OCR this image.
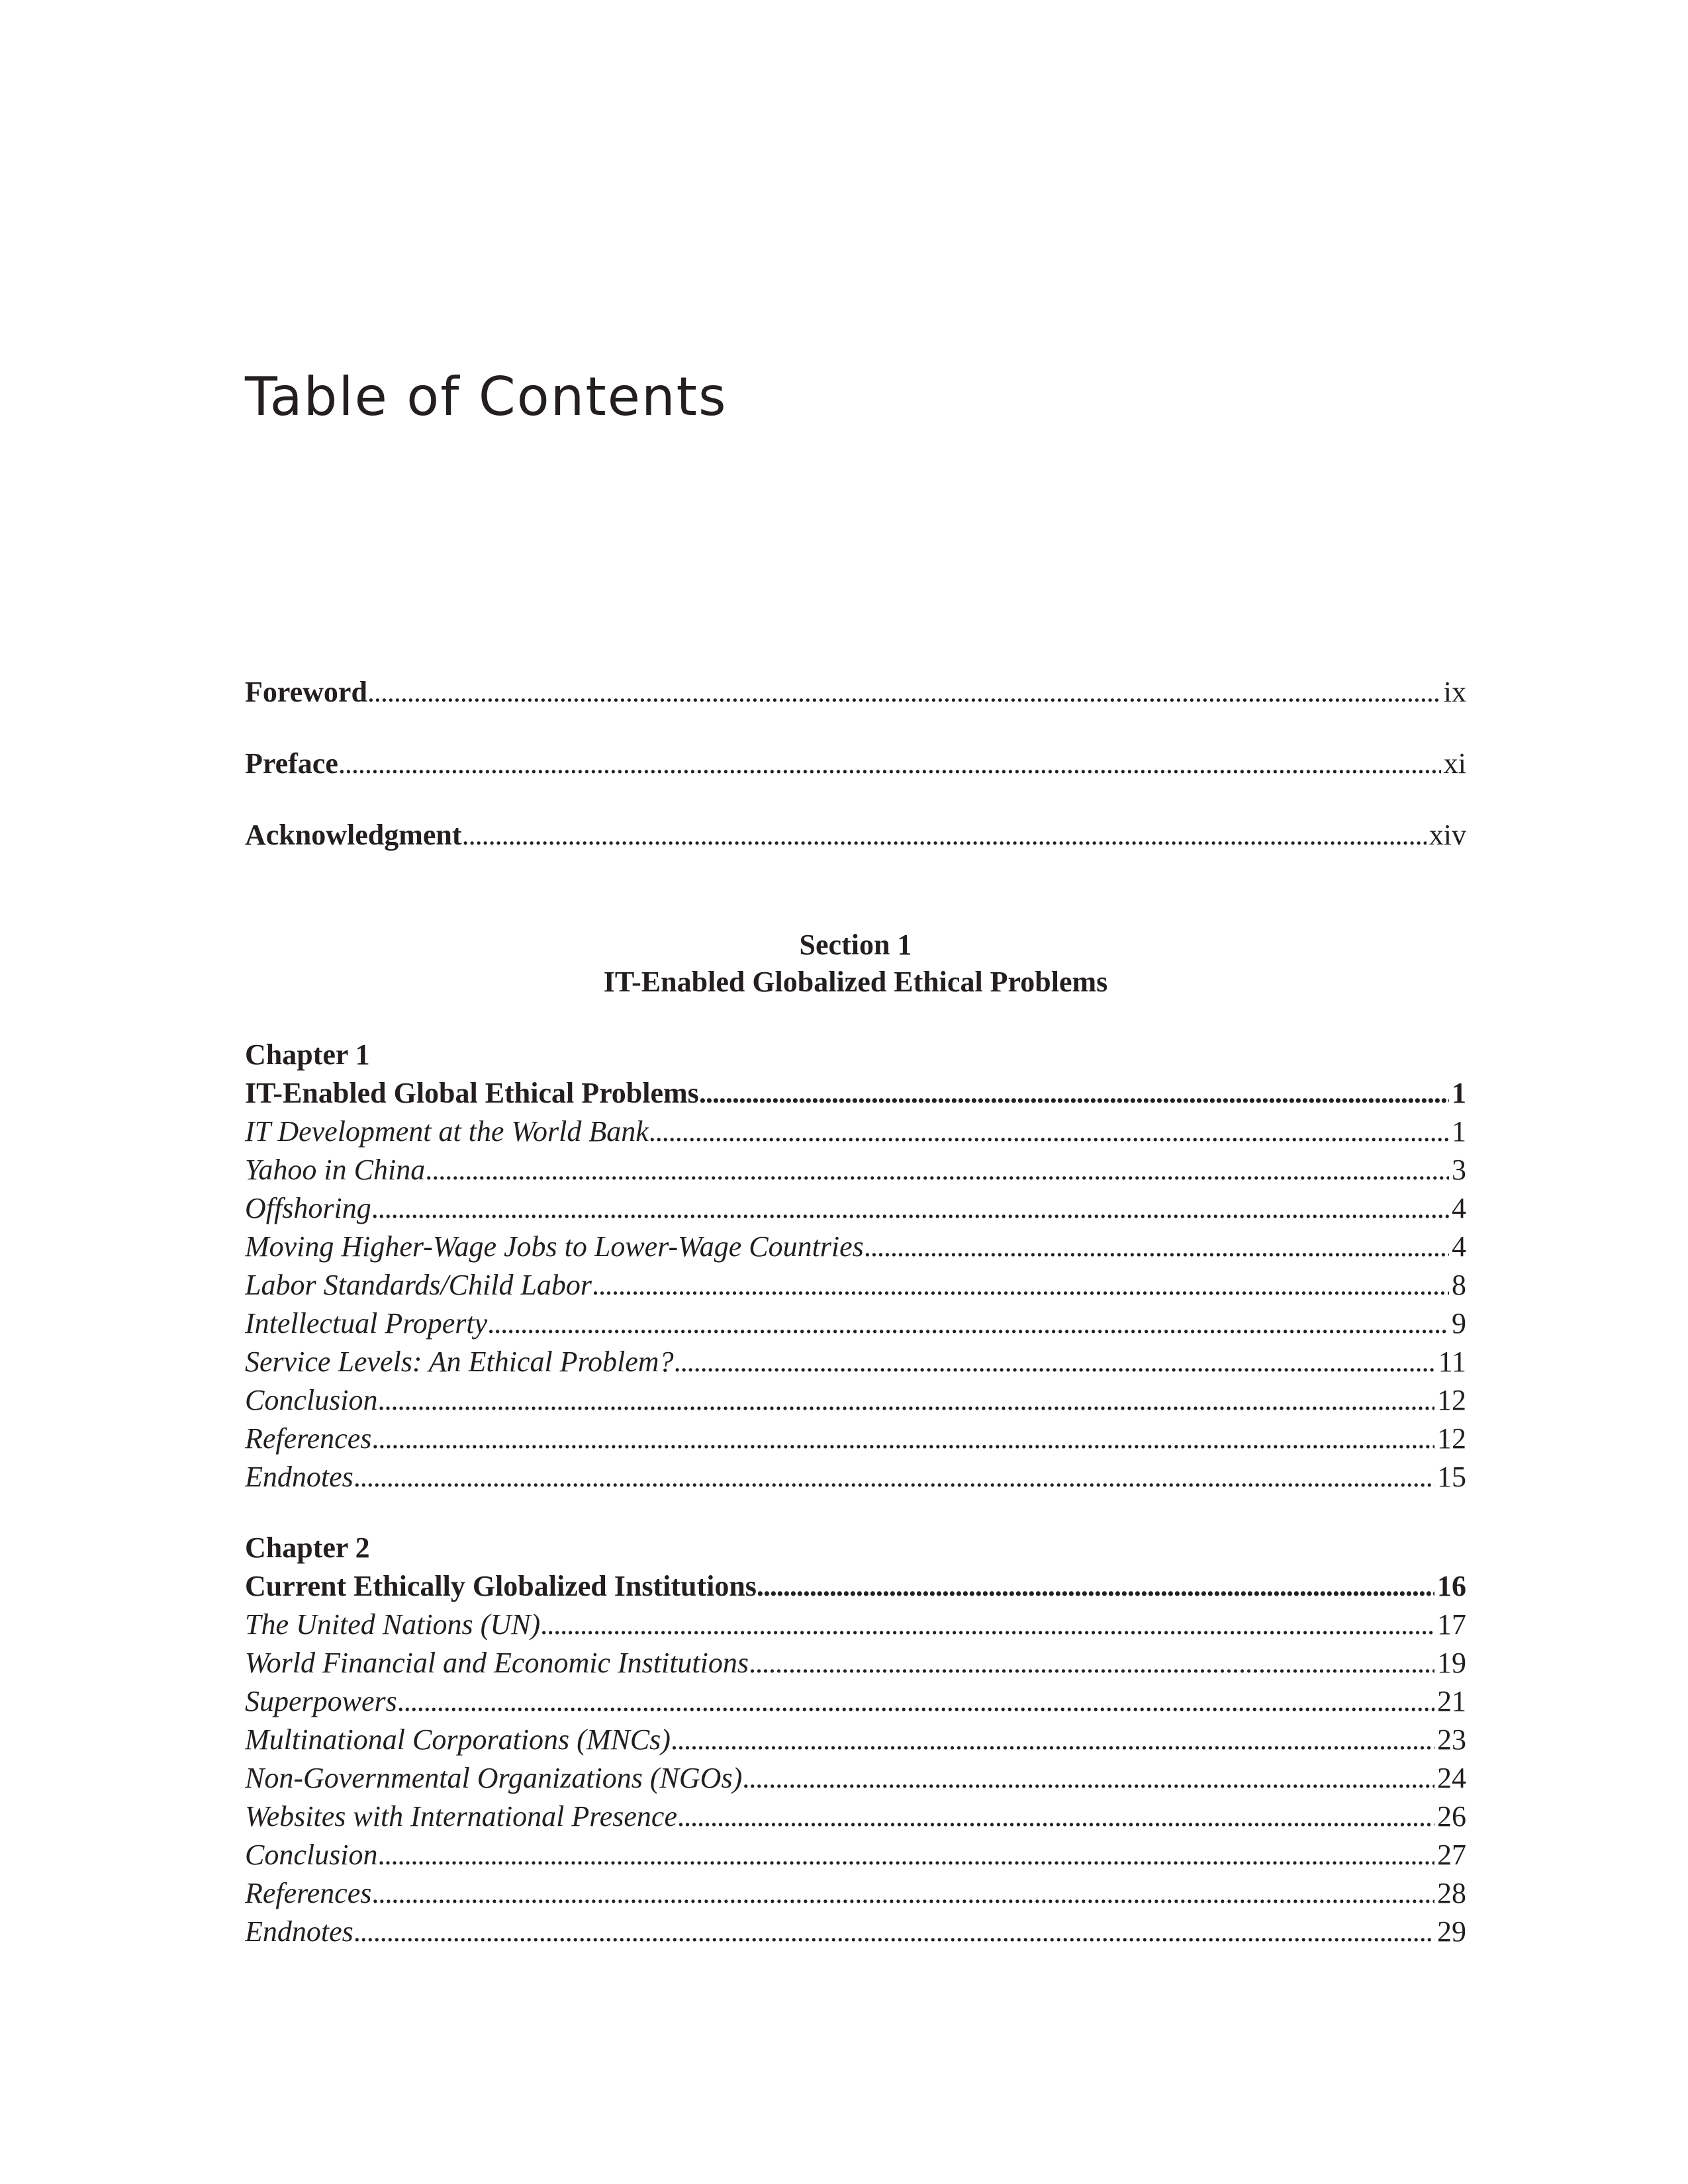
Table of Contents
Foreword . . .	ix
Preface . . .	xi
Acknowledgment . . .	xiv
Section 1
IT-Enabled Globalized Ethical Problems
Chapter 1
IT-Enabled Global Ethical Problems . . .	1
IT Development at the World Bank . . .	1
Yahoo in China . . .	3
Offshoring . . .	4
Moving Higher-Wage Jobs to Lower-Wage Countries . . .	4
Labor Standards/Child Labor . . .	8
Intellectual Property . . .	9
Service Levels: An Ethical Problem? . . .	11
Conclusion . . .	12
References . . .	12
Endnotes . . .	15
Chapter 2
Current Ethically Globalized Institutions . . .	16
The United Nations (UN) . . .	17
World Financial and Economic Institutions . . .	19
Superpowers . . .	21
Multinational Corporations (MNCs) . . .	23
Non-Governmental Organizations (NGOs) . . .	24
Websites with International Presence . . .	26
Conclusion . . .	27
References . . .	28
Endnotes . . .	29
